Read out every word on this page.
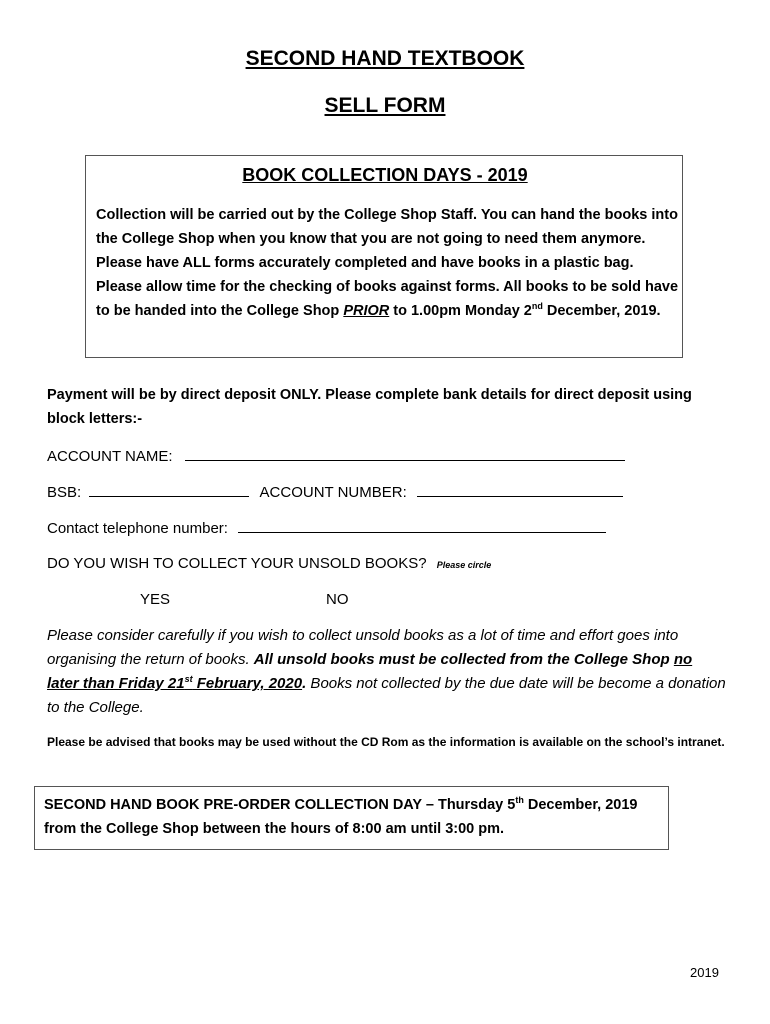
SECOND HAND TEXTBOOK
SELL FORM
BOOK COLLECTION DAYS - 2019
Collection will be carried out by the College Shop Staff. You can hand the books into the College Shop when you know that you are not going to need them anymore. Please have ALL forms accurately completed and have books in a plastic bag. Please allow time for the checking of books against forms. All books to be sold have to be handed into the College Shop PRIOR to 1.00pm Monday 2nd December, 2019.
Payment will be by direct deposit ONLY. Please complete bank details for direct deposit using block letters:-
ACCOUNT NAME:
BSB:	ACCOUNT NUMBER:
Contact telephone number:
DO YOU WISH TO COLLECT YOUR UNSOLD BOOKS? Please circle
YES	NO
Please consider carefully if you wish to collect unsold books as a lot of time and effort goes into organising the return of books. All unsold books must be collected from the College Shop no later than Friday 21st February, 2020. Books not collected by the due date will be become a donation to the College.
Please be advised that books may be used without the CD Rom as the information is available on the school’s intranet.
SECOND HAND BOOK PRE-ORDER COLLECTION DAY – Thursday 5th December, 2019 from the College Shop between the hours of 8:00 am until 3:00 pm.
2019
